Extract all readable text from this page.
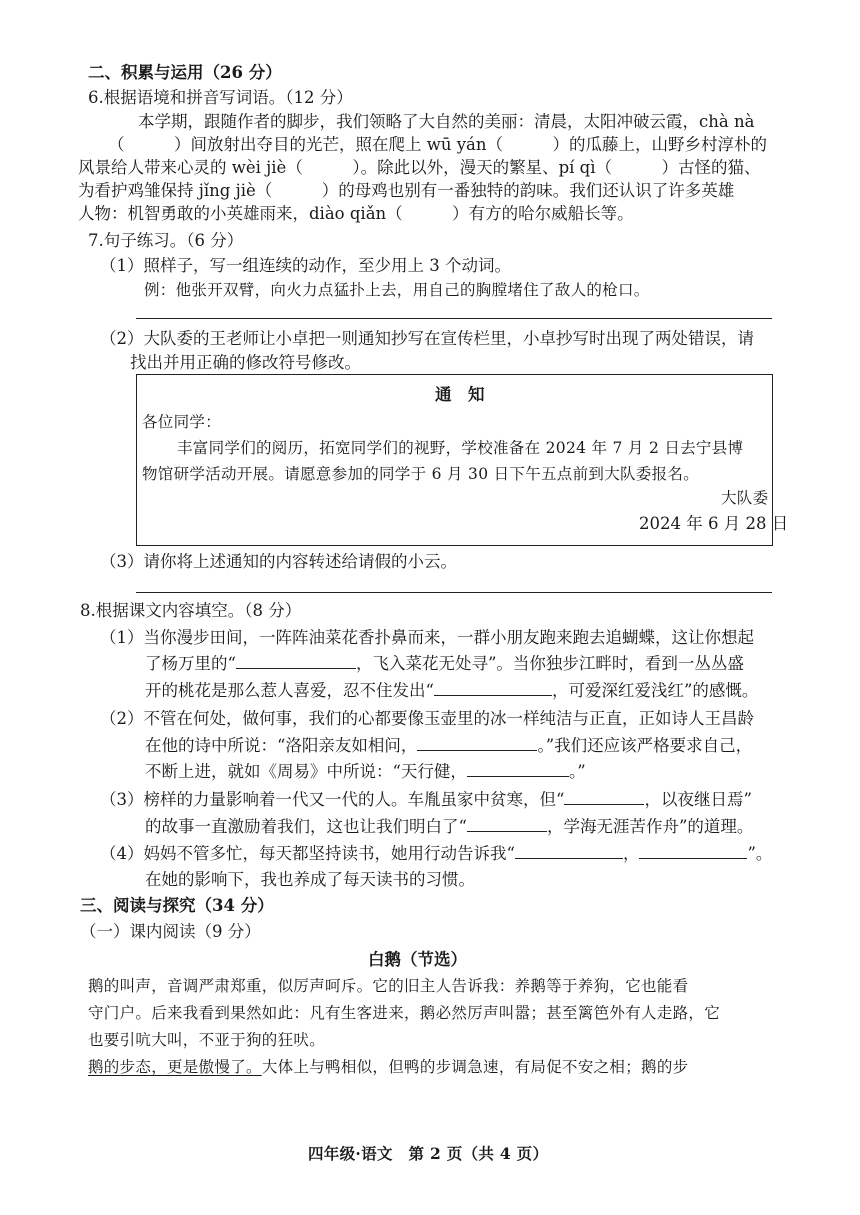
二、积累与运用（26 分）
6.根据语境和拼音写词语。（12 分）
本学期，跟随作者的脚步，我们领略了大自然的美丽：清晨，太阳冲破云霞，chà nà
（　　　）间放射出夺目的光芒，照在爬上 wū yán（　　　）的瓜藤上，山野乡村淳朴的
风景给人带来心灵的 wèi jiè（　　　）。除此以外，漫天的繁星、pí qì（　　　）古怪的猫、
为看护鸡雏保持 jǐng jiè（　　　）的母鸡也别有一番独特的韵味。我们还认识了许多英雄
人物：机智勇敢的小英雄雨来，diào qiǎn（　　　）有方的哈尔威船长等。
7.句子练习。（6 分）
（1）照样子，写一组连续的动作，至少用上 3 个动词。
例：他张开双臂，向火力点猛扑上去，用自己的胸膛堵住了敌人的枪口。
（2）大队委的王老师让小卓把一则通知抄写在宣传栏里，小卓抄写时出现了两处错误，请
找出并用正确的修改符号修改。
通　知
各位同学：
丰富同学们的阅历，拓宽同学们的视野，学校准备在 2024 年 7 月 2 日去宁县博
物馆研学活动开展。请愿意参加的同学于 6 月 30 日下午五点前到大队委报名。
大队委
2024 年 6 月 28 日
（3）请你将上述通知的内容转述给请假的小云。
8.根据课文内容填空。（8 分）
（1）当你漫步田间，一阵阵油菜花香扑鼻而来，一群小朋友跑来跑去追蝴蝶，这让你想起
了杨万里的“	，飞入菜花无处寻”。当你独步江畔时，看到一丛丛盛
开的桃花是那么惹人喜爱，忍不住发出“	，可爱深红爱浅红”的感慨。
（2）不管在何处，做何事，我们的心都要像玉壶里的冰一样纯洁与正直，正如诗人王昌龄
在他的诗中所说：“洛阳亲友如相问，	。”我们还应该严格要求自己，
不断上进，就如《周易》中所说：“天行健，	。”
（3）榜样的力量影响着一代又一代的人。车胤虽家中贫寒，但“	，以夜继日焉”
的故事一直激励着我们，这也让我们明白了“	，学海无涯苦作舟”的道理。
（4）妈妈不管多忙，每天都坚持读书，她用行动告诉我“	，	”。
在她的影响下，我也养成了每天读书的习惯。
三、阅读与探究（34 分）
（一）课内阅读（9 分）
白鹅（节选）
鹅的叫声，音调严肃郑重，似厉声呵斥。它的旧主人告诉我：养鹅等于养狗，它也能看
守门户。后来我看到果然如此：凡有生客进来，鹅必然厉声叫嚣；甚至篱笆外有人走路，它
也要引吭大叫，不亚于狗的狂吠。
鹅的步态，更是傲慢了。大体上与鸭相似，但鸭的步调急速，有局促不安之相；鹅的步
四年级·语文　第 2 页（共 4 页）
